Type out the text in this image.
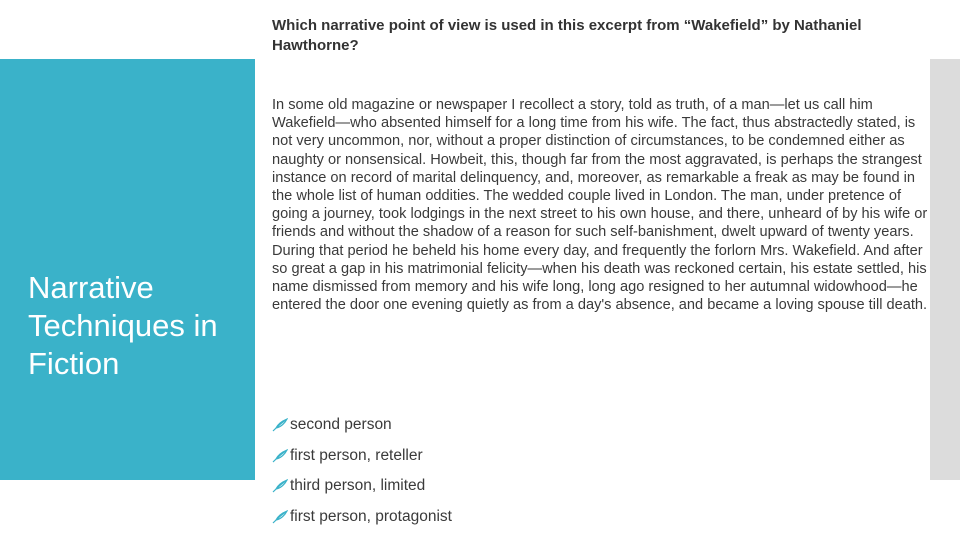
Narrative Techniques in Fiction

Which narrative point of view is used in this excerpt from “Wakefield” by Nathaniel Hawthorne?

In some old magazine or newspaper I recollect a story, told as truth, of a man—let us call him Wakefield—who absented himself for a long time from his wife. The fact, thus abstractedly stated, is not very uncommon, nor, without a proper distinction of circumstances, to be condemned either as naughty or nonsensical. Howbeit, this, though far from the most aggravated, is perhaps the strangest instance on record of marital delinquency, and, moreover, as remarkable a freak as may be found in the whole list of human oddities. The wedded couple lived in London. The man, under pretence of going a journey, took lodgings in the next street to his own house, and there, unheard of by his wife or friends and without the shadow of a reason for such self-banishment, dwelt upward of twenty years. During that period he beheld his home every day, and frequently the forlorn Mrs. Wakefield. And after so great a gap in his matrimonial felicity—when his death was reckoned certain, his estate settled, his name dismissed from memory and his wife long, long ago resigned to her autumnal widowhood—he entered the door one evening quietly as from a day's absence, and became a loving spouse till death.

second person
first person, reteller
third person, limited
first person, protagonist
